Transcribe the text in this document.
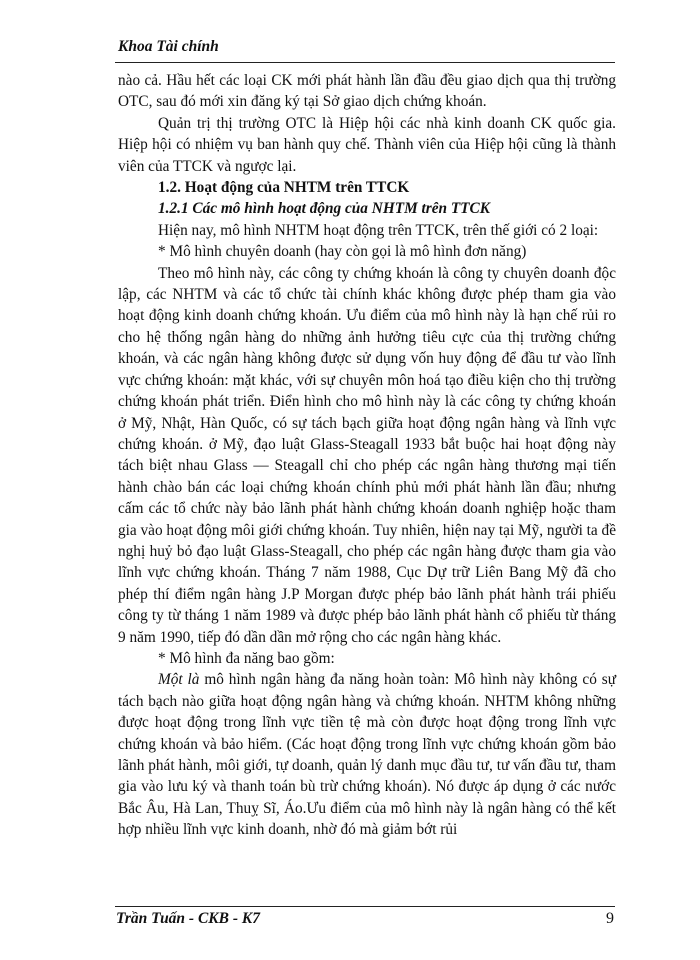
Khoa Tài chính

nào cả. Hầu hết các loại CK mới phát hành lần đầu đều giao dịch qua thị trường OTC, sau đó mới xin đăng ký tại Sở giao dịch chứng khoán.

Quản trị thị trường OTC là Hiệp hội các nhà kinh doanh CK quốc gia. Hiệp hội có nhiệm vụ ban hành quy chế. Thành viên của Hiệp hội cũng là thành viên của TTCK và ngược lại.

1.2. Hoạt động của NHTM trên TTCK

1.2.1 Các mô hình hoạt động của NHTM trên TTCK

Hiện nay, mô hình NHTM hoạt động trên TTCK, trên thế giới có 2 loại:

* Mô hình chuyên doanh (hay còn gọi là mô hình đơn năng)

Theo mô hình này, các công ty chứng khoán là công ty chuyên doanh độc lập, các NHTM và các tổ chức tài chính khác không được phép tham gia vào hoạt động kinh doanh chứng khoán. Ưu điểm của mô hình này là hạn chế rủi ro cho hệ thống ngân hàng do những ảnh hưởng tiêu cực của thị trường chứng khoán, và các ngân hàng không được sử dụng vốn huy động để đầu tư vào lĩnh vực chứng khoán: mặt khác, với sự chuyên môn hoá tạo điều kiện cho thị trường chứng khoán phát triển. Điển hình cho mô hình này là các công ty chứng khoán ở Mỹ, Nhật, Hàn Quốc, có sự tách bạch giữa hoạt động ngân hàng và lĩnh vực chứng khoán. ở Mỹ, đạo luật Glass-Steagall 1933 bắt buộc hai hoạt động này tách biệt nhau Glass — Steagall chỉ cho phép các ngân hàng thương mại tiến hành chào bán các loại chứng khoán chính phủ mới phát hành lần đầu; nhưng cấm các tổ chức này bảo lãnh phát hành chứng khoán doanh nghiệp hoặc tham gia vào hoạt động môi giới chứng khoán. Tuy nhiên, hiện nay tại Mỹ, người ta đề nghị huỷ bỏ đạo luật Glass-Steagall, cho phép các ngân hàng được tham gia vào lĩnh vực chứng khoán. Tháng 7 năm 1988, Cục Dự trữ Liên Bang Mỹ đã cho phép thí điểm ngân hàng J.P Morgan được phép bảo lãnh phát hành trái phiếu công ty từ tháng 1 năm 1989 và được phép bảo lãnh phát hành cổ phiếu từ tháng 9 năm 1990, tiếp đó dần dần mở rộng cho các ngân hàng khác.

* Mô hình đa năng bao gồm:

Một là mô hình ngân hàng đa năng hoàn toàn: Mô hình này không có sự tách bạch nào giữa hoạt động ngân hàng và chứng khoán. NHTM không những được hoạt động trong lĩnh vực tiền tệ mà còn được hoạt động trong lĩnh vực chứng khoán và bảo hiểm. (Các hoạt động trong lĩnh vực chứng khoán gồm bảo lãnh phát hành, môi giới, tự doanh, quản lý danh mục đầu tư, tư vấn đầu tư, tham gia vào lưu ký và thanh toán bù trừ chứng khoán). Nó được áp dụng ở các nước Bắc Âu, Hà Lan, Thuỵ Sĩ, Áo.Ưu điểm của mô hình này là ngân hàng có thể kết hợp nhiều lĩnh vực kinh doanh, nhờ đó mà giảm bớt rủi

Trần Tuấn - CKB - K7	9
